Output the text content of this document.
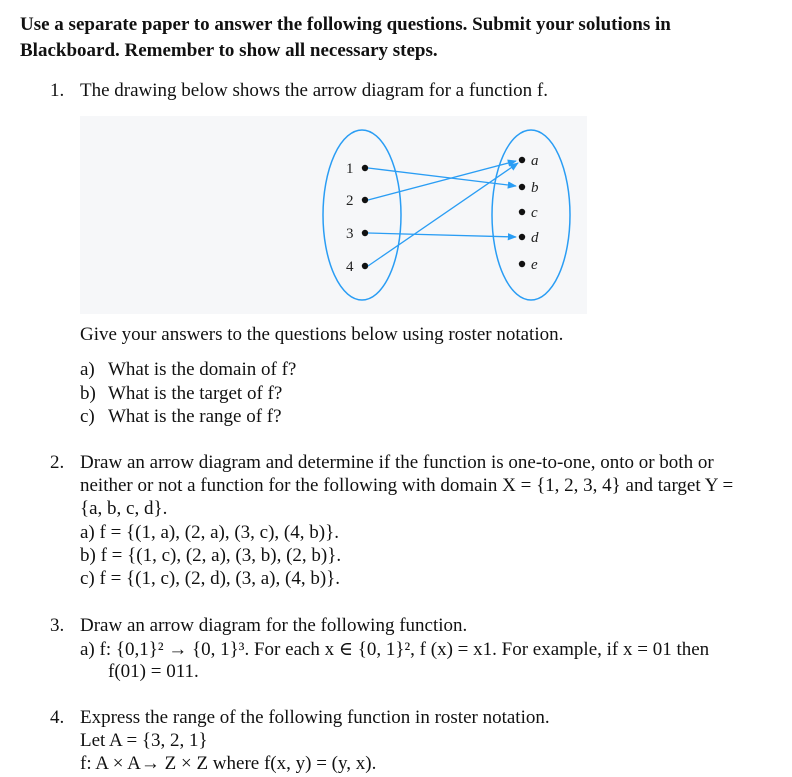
Use a separate paper to answer the following questions. Submit your solutions in
Blackboard. Remember to show all necessary steps.
1. The drawing below shows the arrow diagram for a function f.
1
2
3
4
a
b
c
d
e
Give your answers to the questions below using roster notation.
a) What is the domain of f?
b) What is the target of f?
c) What is the range of f?
2. Draw an arrow diagram and determine if the function is one-to-one, onto or both or
neither or not a function for the following with domain X = {1, 2, 3, 4} and target Y =
{a, b, c, d}.
a) f = {(1, a), (2, a), (3, c), (4, b)}.
b) f = {(1, c), (2, a), (3, b), (2, b)}.
c) f = {(1, c), (2, d), (3, a), (4, b)}.
3. Draw an arrow diagram for the following function.
a) f: {0,1}² → {0, 1}³. For each x ∈ {0, 1}², f (x) = x1. For example, if x = 01 then
f(01) = 011.
4. Express the range of the following function in roster notation.
Let A = {3, 2, 1}
f: A × A→ Z × Z where f(x, y) = (y, x).
